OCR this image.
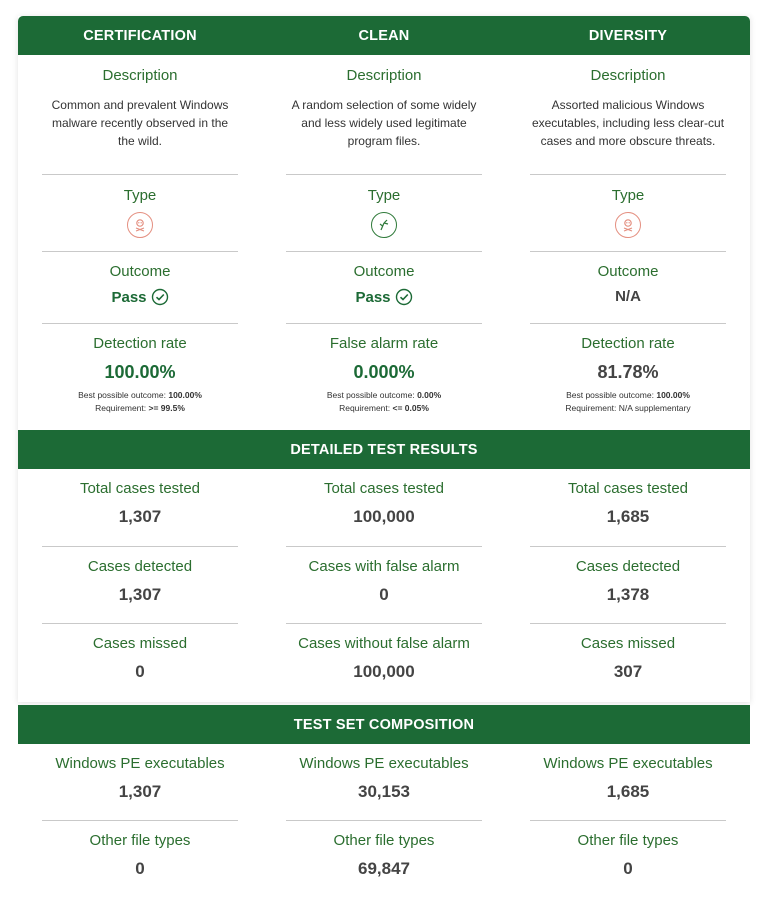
CERTIFICATION	CLEAN	DIVERSITY
Description
Common and prevalent Windows malware recently observed in the the wild.
Type
Outcome
Pass
Detection rate
100.00%
Best possible outcome: 100.00%
Requirement: >= 99.5%
Description
A random selection of some widely and less widely used legitimate program files.
Type
Outcome
Pass
False alarm rate
0.000%
Best possible outcome: 0.00%
Requirement: <= 0.05%
Description
Assorted malicious Windows executables, including less clear-cut cases and more obscure threats.
Type
Outcome
N/A
Detection rate
81.78%
Best possible outcome: 100.00%
Requirement: N/A supplementary
DETAILED TEST RESULTS
Total cases tested
1,307
Cases detected
1,307
Cases missed
0
Total cases tested
100,000
Cases with false alarm
0
Cases without false alarm
100,000
Total cases tested
1,685
Cases detected
1,378
Cases missed
307
TEST SET COMPOSITION
Windows PE executables
1,307
Other file types
0
Windows PE executables
30,153
Other file types
69,847
Windows PE executables
1,685
Other file types
0
